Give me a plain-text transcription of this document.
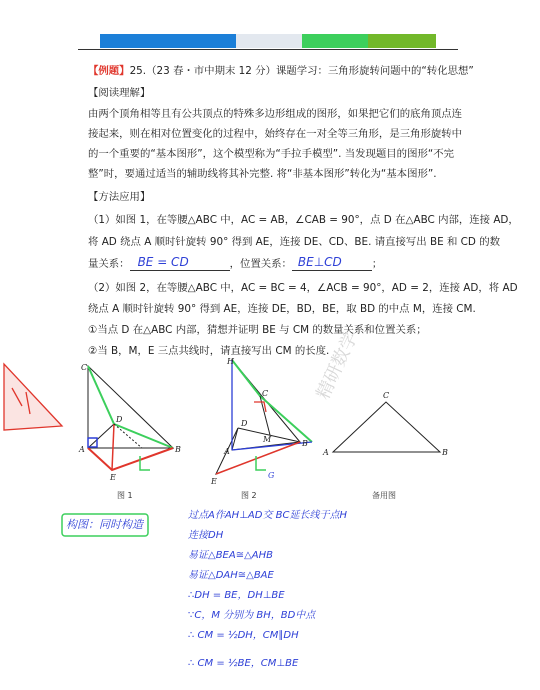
【例题】25.（23 春・市中期末 12 分）课题学习：三角形旋转问题中的“转化思想”
【阅读理解】
由两个顶角相等且有公共顶点的特殊多边形组成的图形，如果把它们的底角顶点连接起来，则在相对位置变化的过程中，始终存在一对全等三角形，是三角形旋转中的一个重要的“基本图形”，这个模型称为“手拉手模型”. 当发现题目的图形“不完整”时，要通过适当的辅助线将其补完整. 将“非基本图形”转化为“基本图形”.
【方法应用】
（1）如图 1，在等腰△ABC 中，AC = AB，∠CAB = 90°，点 D 在△ABC 内部，连接 AD，
将 AD 绕点 A 顺时针旋转 90° 得到 AE，连接 DE、CD、BE. 请直接写出 BE 和 CD 的数
量关系： BE = CD	，位置关系： BE⊥CD	；
（2）如图 2，在等腰△ABC 中，AC = BC = 4，∠ACB = 90°，AD = 2，连接 AD，将 AD
绕点 A 顺时针旋转 90° 得到 AE，连接 DE，BD，BE，取 BD 的中点 M，连接 CM.
①当点 D 在△ABC 内部，猜想并证明 BE 与 CM 的数量关系和位置关系；
②当 B，M，E 三点共线时，请直接写出 CM 的长度.
精研数学
C
A	B
D
E
H
C
A
B
D
M
E
G
C
A	B
图 1	图 2	备用图
构图：同时构造
过点A作AH⊥AD交 BC延长线于点H
连接DH
易证△BEA≅△AHB
易证△DAH≅△BAE
∴DH = BE，DH⊥BE
∵C，M 分别为 BH，BD中点
∴ CM = ½DH，CM∥DH
∴ CM = ½BE，CM⊥BE
